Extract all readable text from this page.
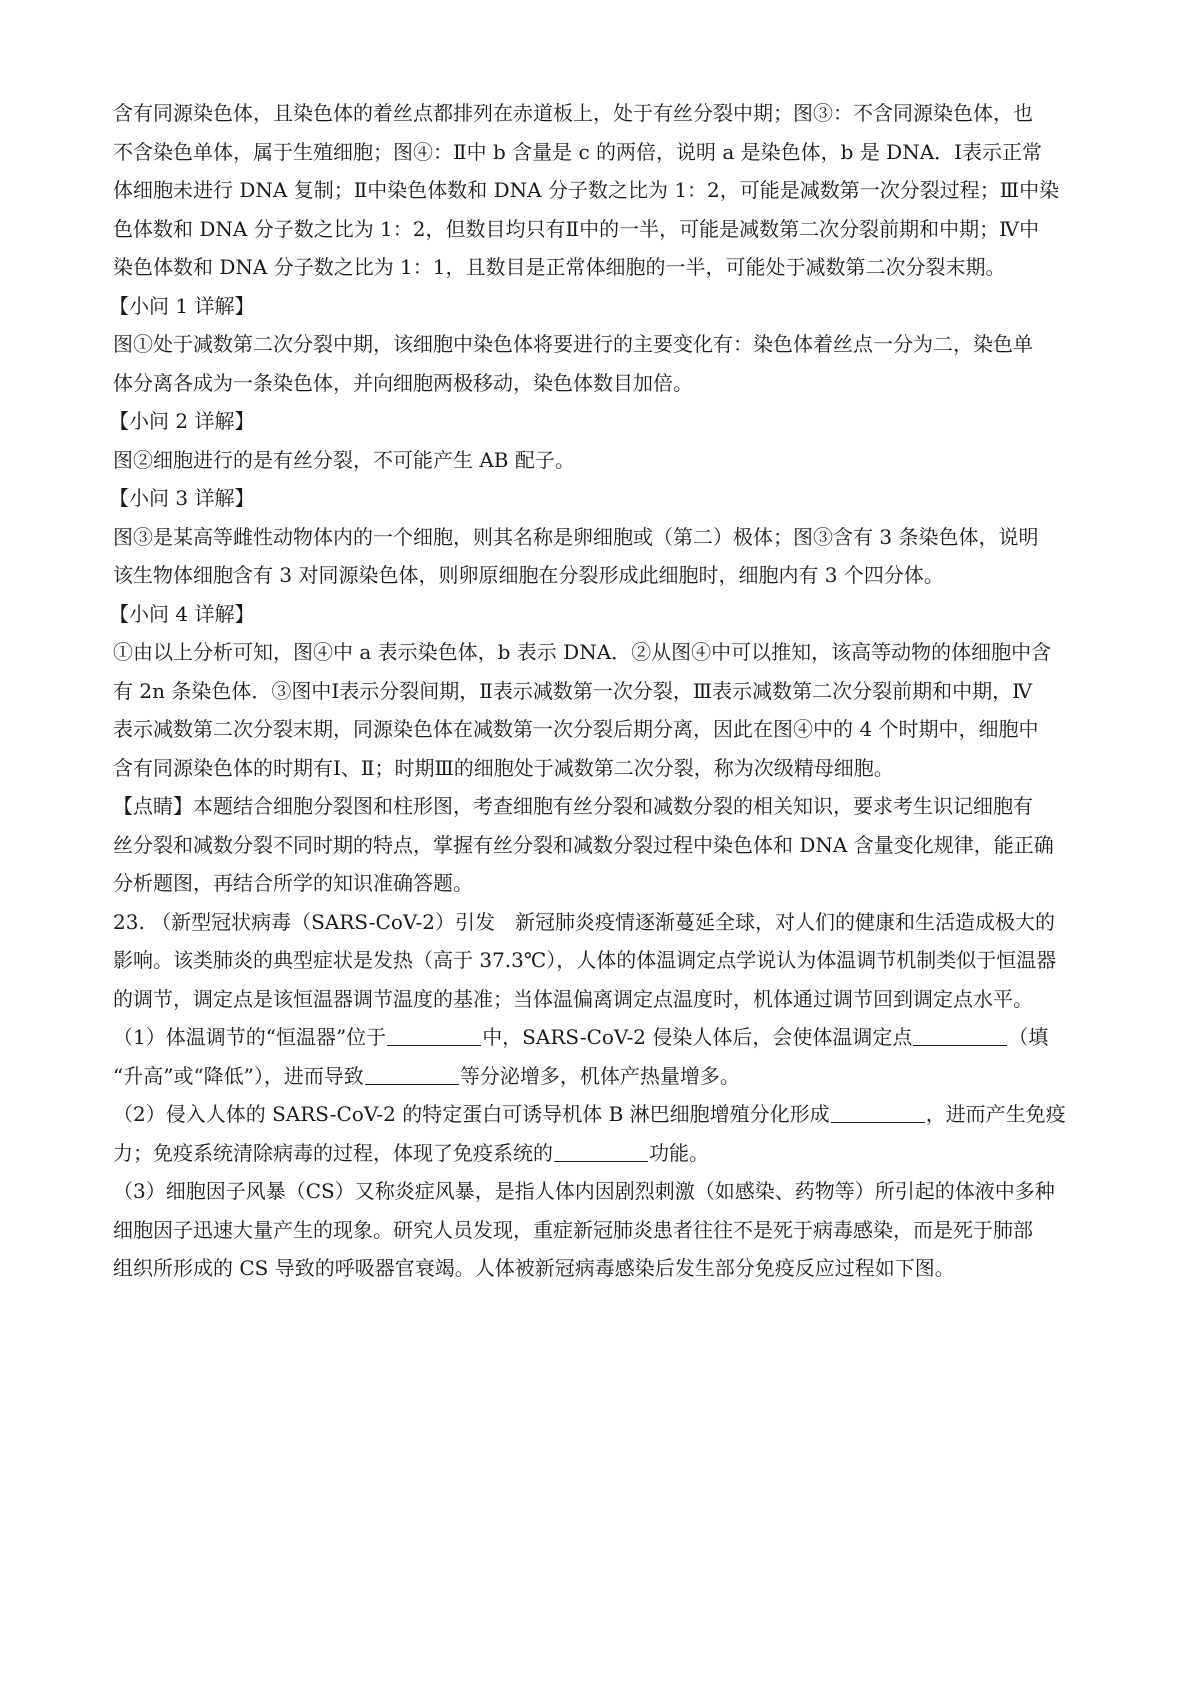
含有同源染色体，且染色体的着丝点都排列在赤道板上，处于有丝分裂中期；图③：不含同源染色体，也
不含染色单体，属于生殖细胞；图④：Ⅱ中 b 含量是 c 的两倍，说明 a 是染色体，b 是 DNA．Ⅰ表示正常
体细胞未进行 DNA 复制；Ⅱ中染色体数和 DNA 分子数之比为 1：2，可能是减数第一次分裂过程；Ⅲ中染
色体数和 DNA 分子数之比为 1：2，但数目均只有Ⅱ中的一半，可能是减数第二次分裂前期和中期；Ⅳ中
染色体数和 DNA 分子数之比为 1：1，且数目是正常体细胞的一半，可能处于减数第二次分裂末期。
【小问 1 详解】
图①处于减数第二次分裂中期，该细胞中染色体将要进行的主要变化有：染色体着丝点一分为二，染色单
体分离各成为一条染色体，并向细胞两极移动，染色体数目加倍。
【小问 2 详解】
图②细胞进行的是有丝分裂，不可能产生 AB 配子。
【小问 3 详解】
图③是某高等雌性动物体内的一个细胞，则其名称是卵细胞或（第二）极体；图③含有 3 条染色体，说明
该生物体细胞含有 3 对同源染色体，则卵原细胞在分裂形成此细胞时，细胞内有 3 个四分体。
【小问 4 详解】
①由以上分析可知，图④中 a 表示染色体，b 表示 DNA．②从图④中可以推知，该高等动物的体细胞中含
有 2n 条染色体．③图中Ⅰ表示分裂间期，Ⅱ表示减数第一次分裂，Ⅲ表示减数第二次分裂前期和中期，Ⅳ
表示减数第二次分裂末期，同源染色体在减数第一次分裂后期分离，因此在图④中的 4 个时期中，细胞中
含有同源染色体的时期有Ⅰ、Ⅱ；时期Ⅲ的细胞处于减数第二次分裂，称为次级精母细胞。
【点睛】本题结合细胞分裂图和柱形图，考查细胞有丝分裂和减数分裂的相关知识，要求考生识记细胞有
丝分裂和减数分裂不同时期的特点，掌握有丝分裂和减数分裂过程中染色体和 DNA 含量变化规律，能正确
分析题图，再结合所学的知识准确答题。
23. （新型冠状病毒（SARS-CoV-2）引发　新冠肺炎疫情逐渐蔓延全球，对人们的健康和生活造成极大的
影响。该类肺炎的典型症状是发热（高于 37.3℃），人体的体温调定点学说认为体温调节机制类似于恒温器
的调节，调定点是该恒温器调节温度的基准；当体温偏离调定点温度时，机体通过调节回到调定点水平。
（1）体温调节的“恒温器”位于	中，SARS-CoV-2 侵染人体后，会使体温调定点	（填
“升高”或“降低”），进而导致	等分泌增多，机体产热量增多。
（2）侵入人体的 SARS-CoV-2 的特定蛋白可诱导机体 B 淋巴细胞增殖分化形成	，进而产生免疫
力；免疫系统清除病毒的过程，体现了免疫系统的	功能。
（3）细胞因子风暴（CS）又称炎症风暴，是指人体内因剧烈刺激（如感染、药物等）所引起的体液中多种
细胞因子迅速大量产生的现象。研究人员发现，重症新冠肺炎患者往往不是死于病毒感染，而是死于肺部
组织所形成的 CS 导致的呼吸器官衰竭。人体被新冠病毒感染后发生部分免疫反应过程如下图。
